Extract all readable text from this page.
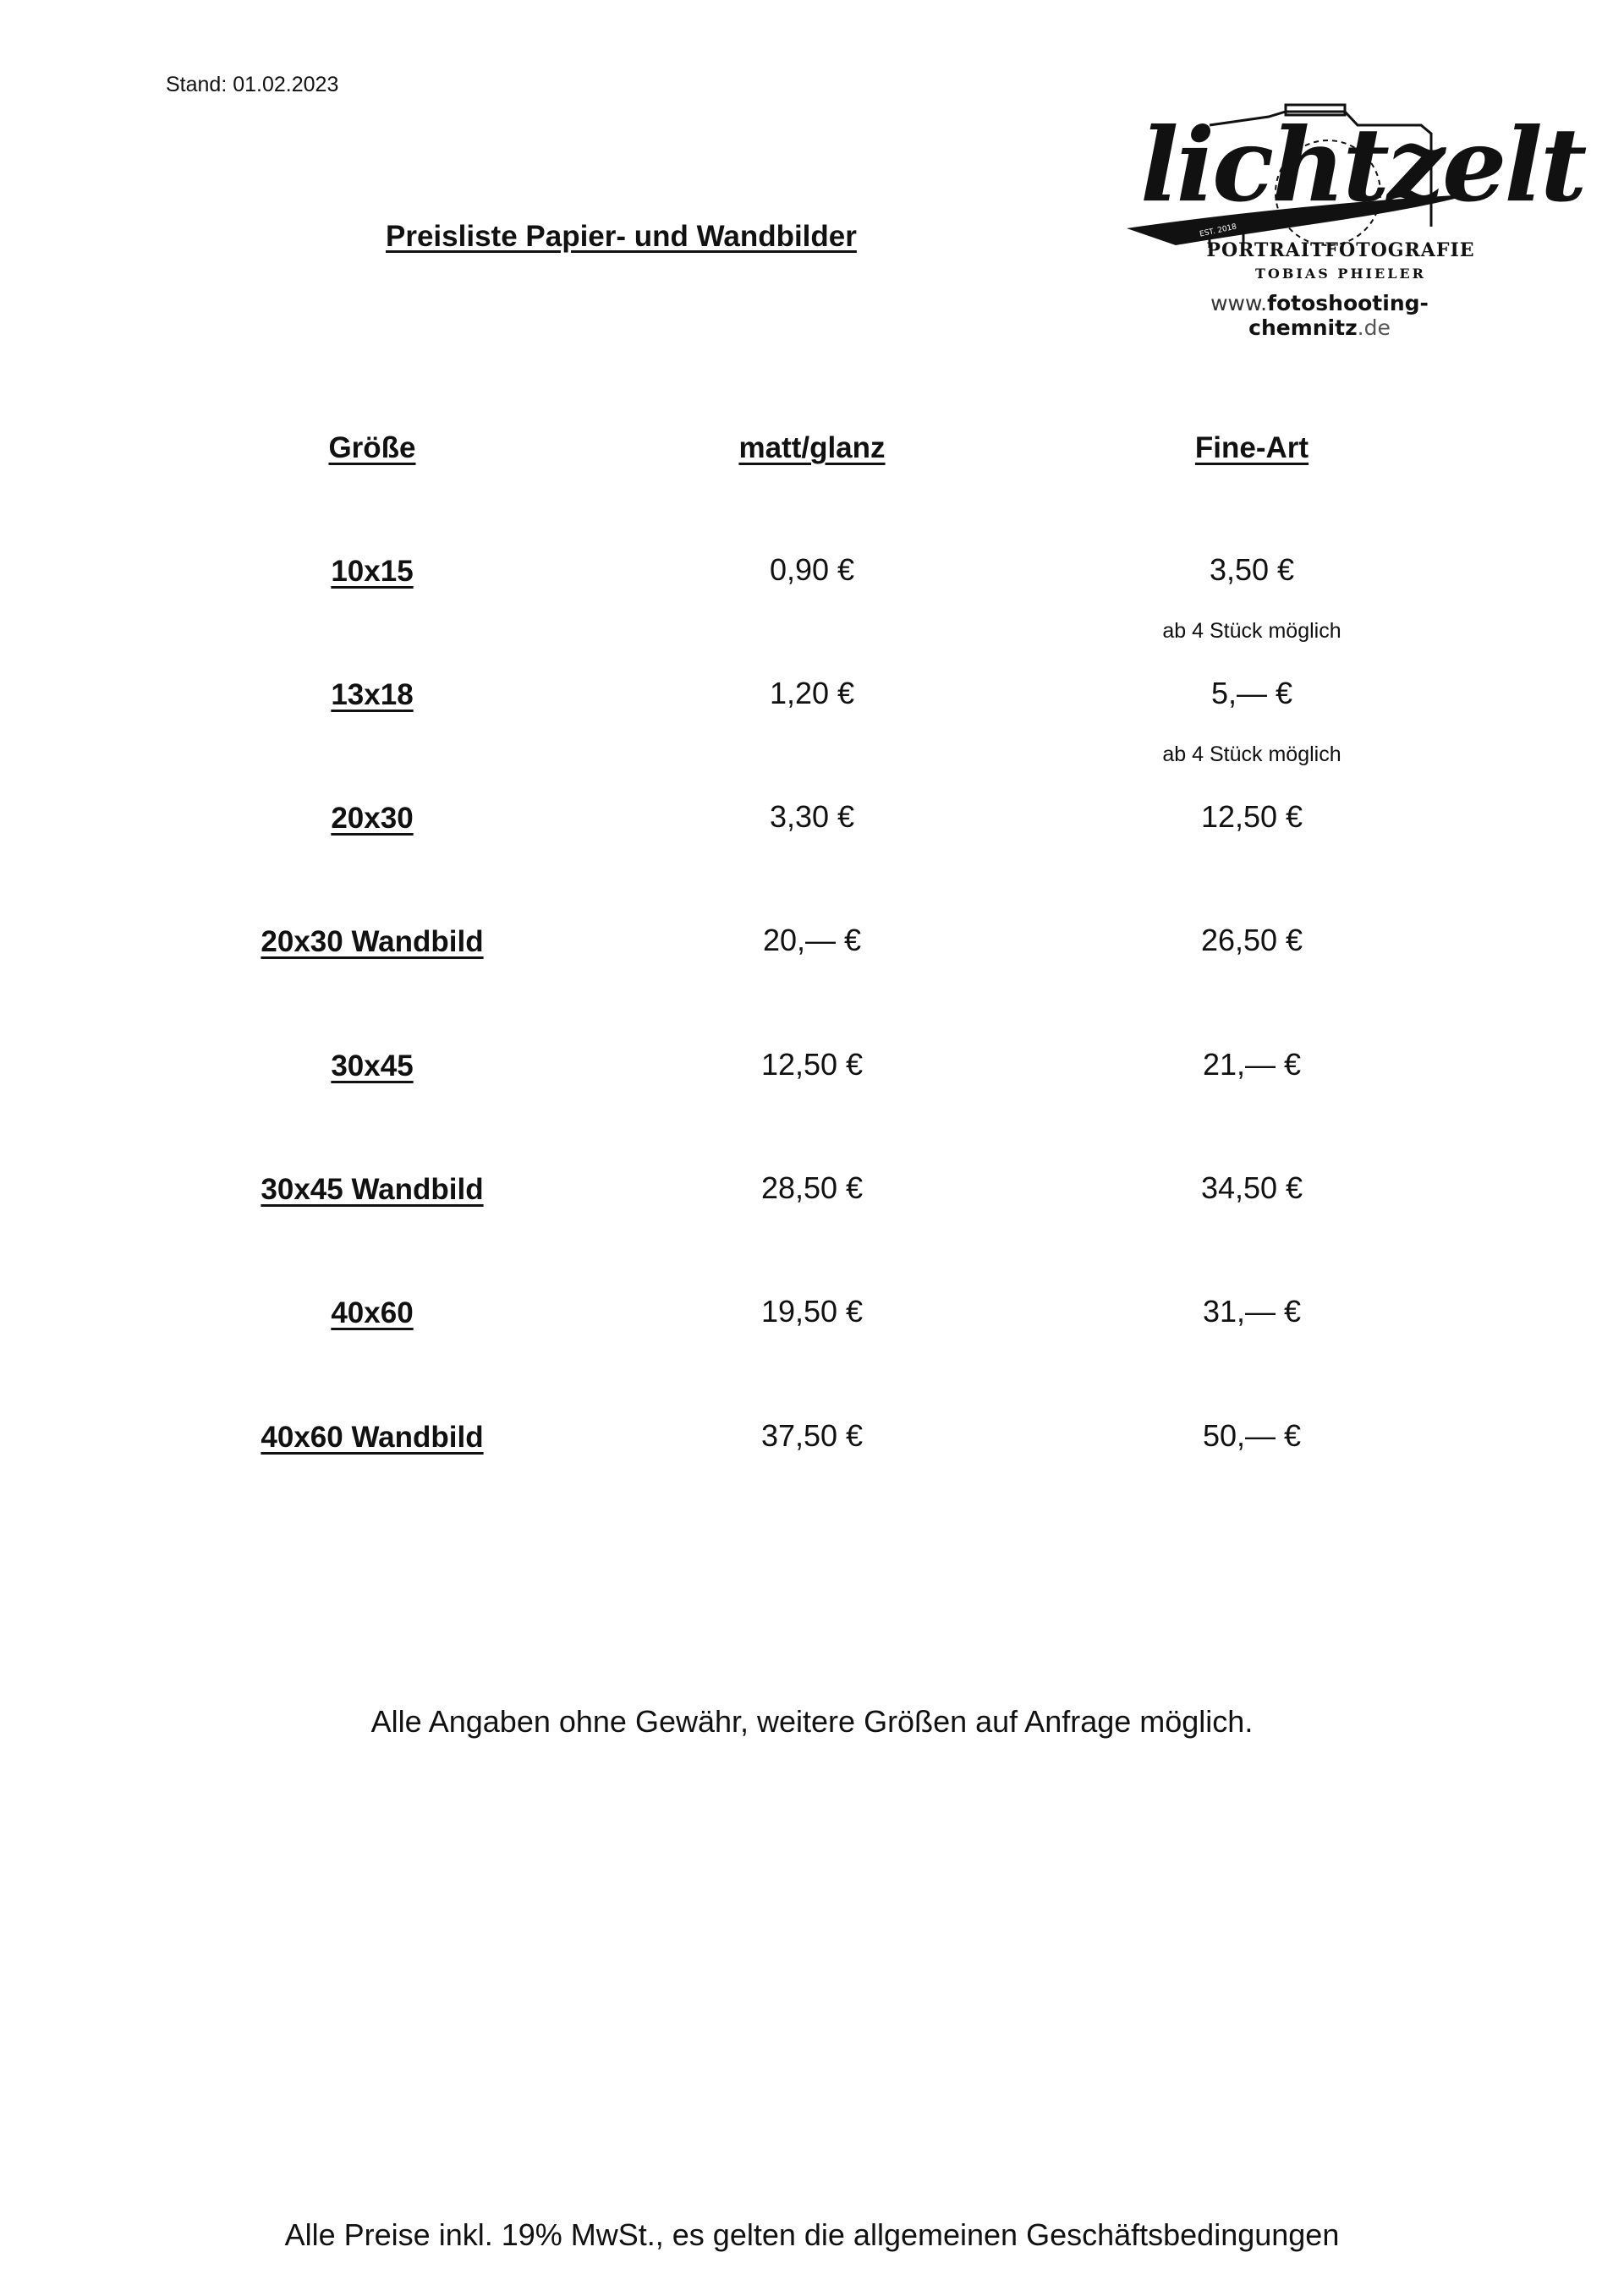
Stand: 01.02.2023
Preisliste Papier- und Wandbilder
lichtzelt
PORTRAITFOTOGRAFIE
TOBIAS PHIELER
www.fotoshooting-chemnitz.de
EST. 2018
Größe	matt/glanz	Fine-Art
10x15	0,90 €	3,50 €
ab 4 Stück möglich
13x18	1,20 €	5,— €
ab 4 Stück möglich
20x30	3,30 €	12,50 €
20x30 Wandbild	20,— €	26,50 €
30x45	12,50 €	21,— €
30x45 Wandbild	28,50 €	34,50 €
40x60	19,50 €	31,— €
40x60 Wandbild	37,50 €	50,— €
Alle Angaben ohne Gewähr, weitere Größen auf Anfrage möglich.
Alle Preise inkl. 19% MwSt., es gelten die allgemeinen Geschäftsbedingungen
